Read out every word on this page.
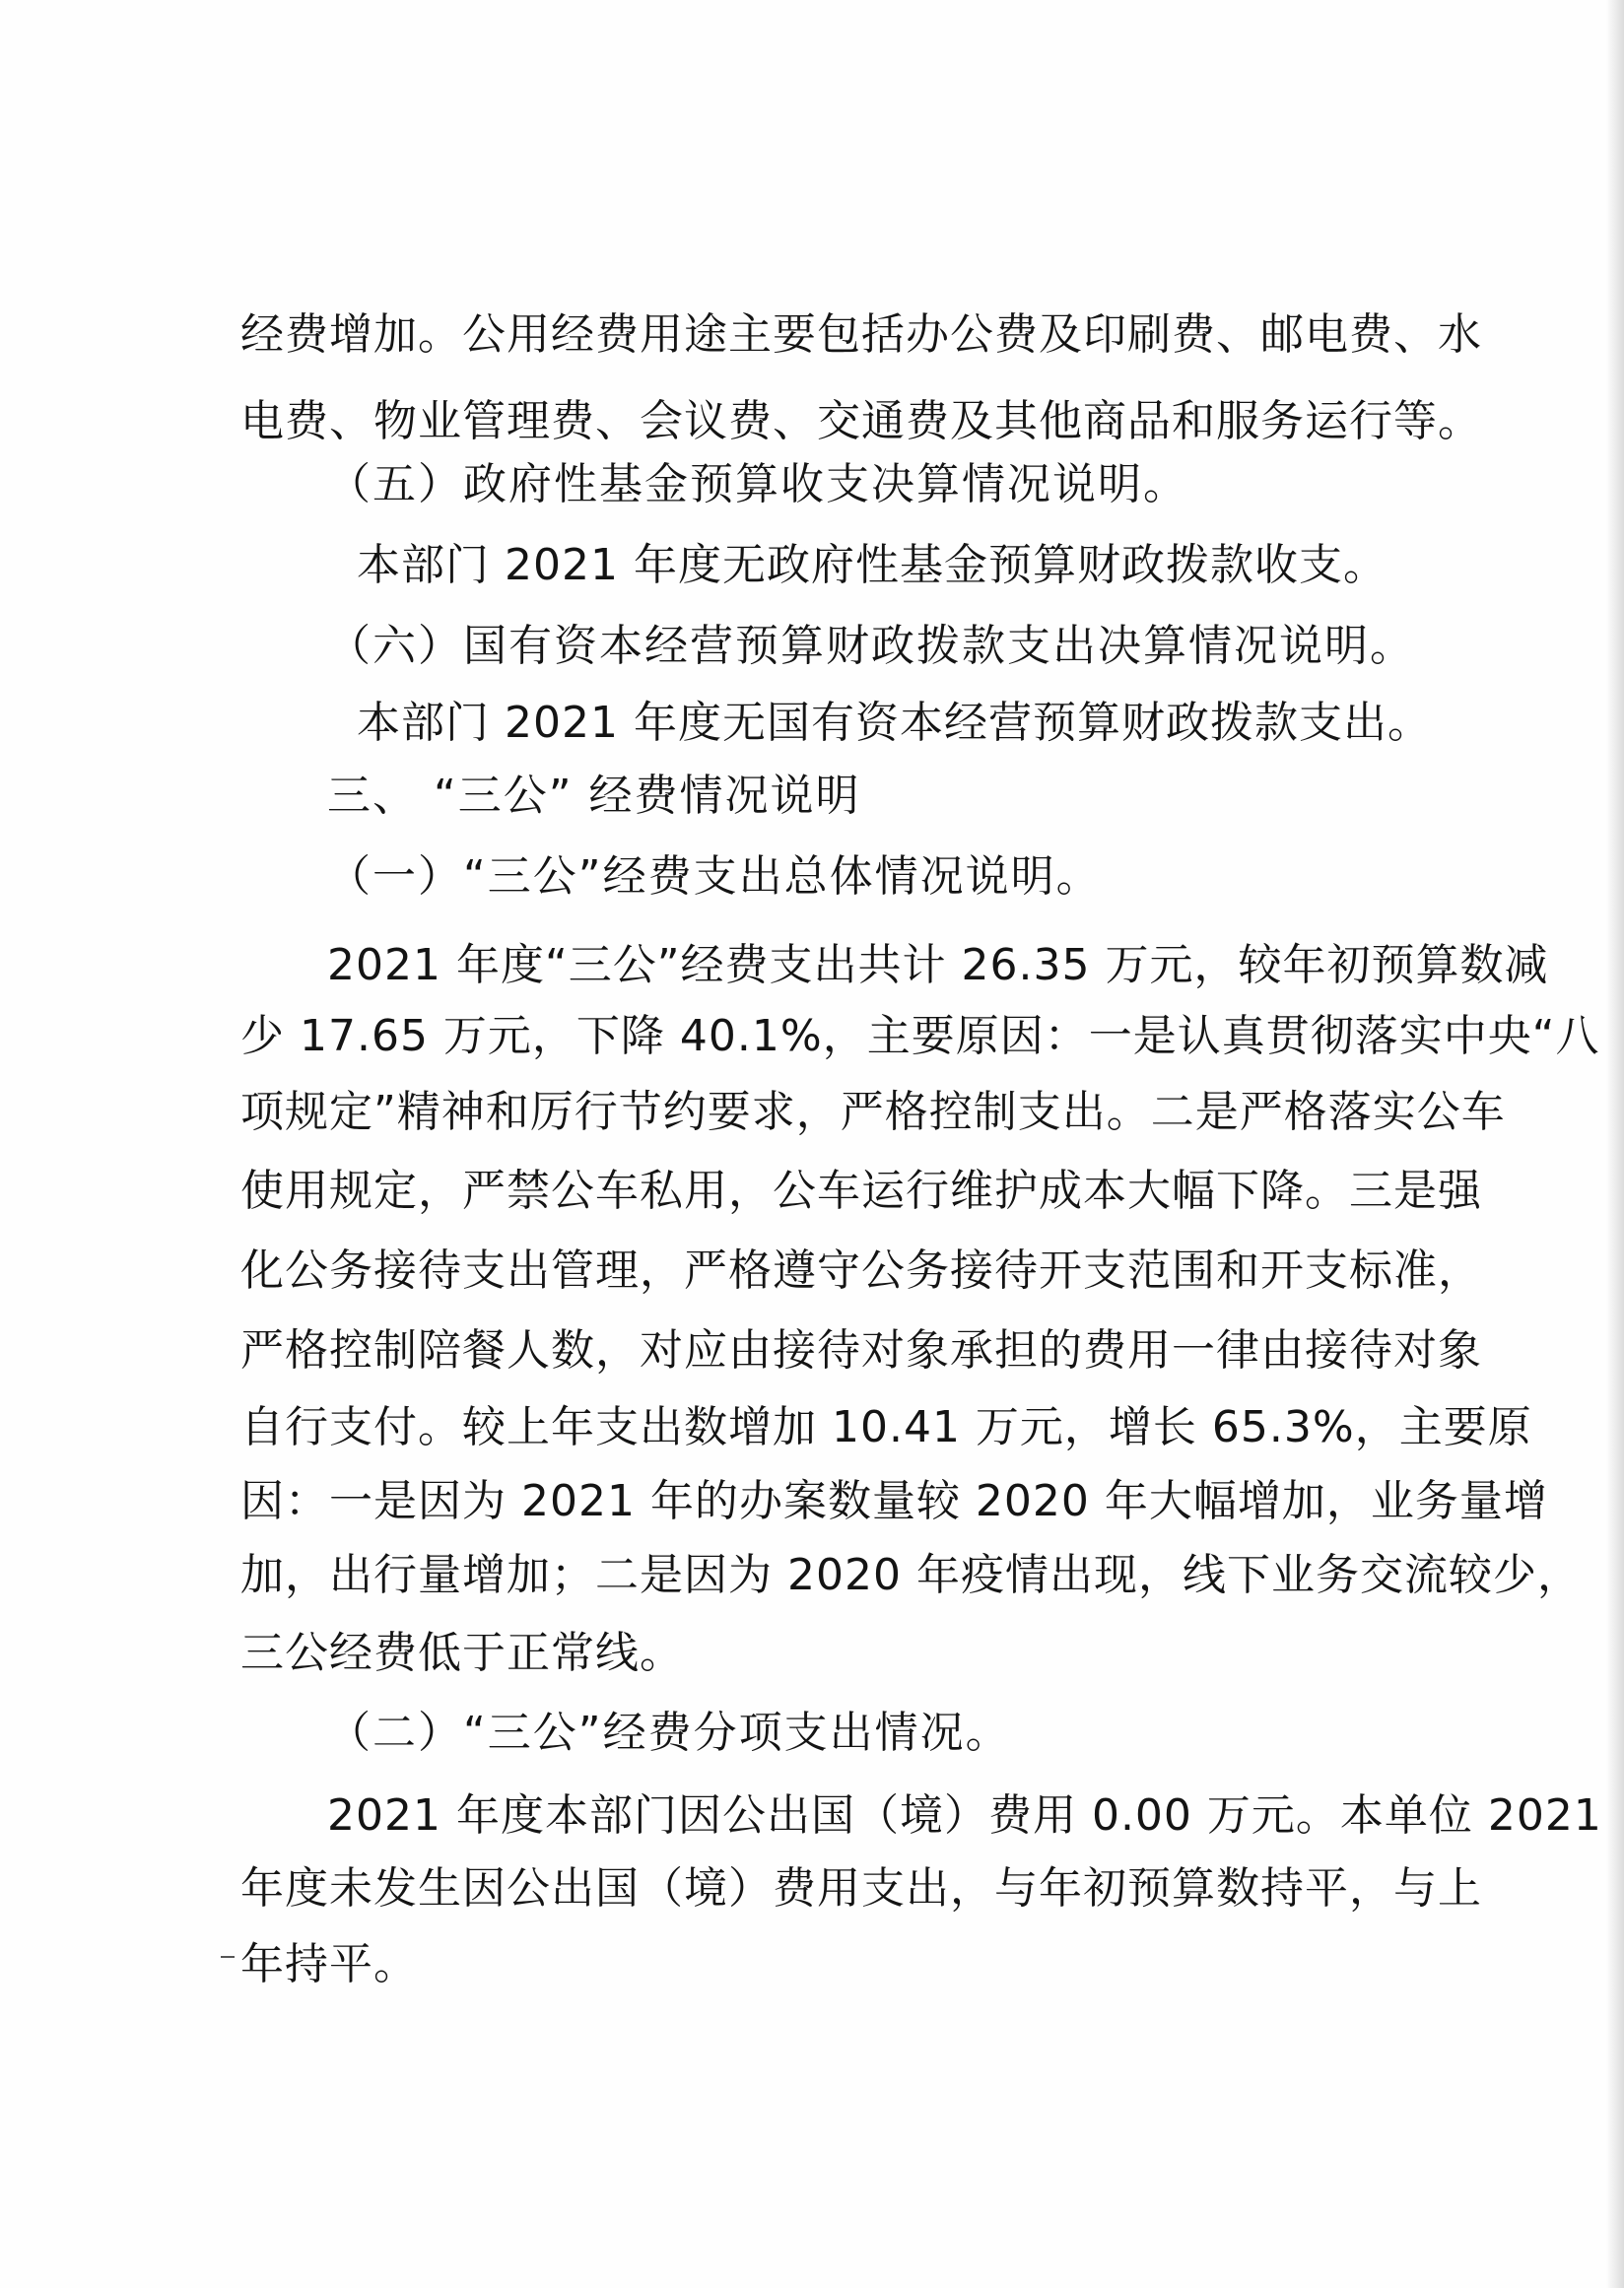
经费增加。公用经费用途主要包括办公费及印刷费、邮电费、水
电费、物业管理费、会议费、交通费及其他商品和服务运行等。
（五）政府性基金预算收支决算情况说明。
本部门 2021 年度无政府性基金预算财政拨款收支。
（六）国有资本经营预算财政拨款支出决算情况说明。
本部门 2021 年度无国有资本经营预算财政拨款支出。
三、 “三公” 经费情况说明
（一）“三公”经费支出总体情况说明。
2021 年度“三公”经费支出共计 26.35 万元，较年初预算数减
少 17.65 万元，下降 40.1%，主要原因：一是认真贯彻落实中央“八
项规定”精神和厉行节约要求，严格控制支出。二是严格落实公车
使用规定，严禁公车私用，公车运行维护成本大幅下降。三是强
化公务接待支出管理，严格遵守公务接待开支范围和开支标准，
严格控制陪餐人数，对应由接待对象承担的费用一律由接待对象
自行支付。较上年支出数增加 10.41 万元，增长 65.3%，主要原
因：一是因为 2021 年的办案数量较 2020 年大幅增加，业务量增
加，出行量增加；二是因为 2020 年疫情出现，线下业务交流较少，
三公经费低于正常线。
（二）“三公”经费分项支出情况。
2021 年度本部门因公出国（境）费用 0.00 万元。本单位 2021
年度未发生因公出国（境）费用支出，与年初预算数持平，与上
年持平。
